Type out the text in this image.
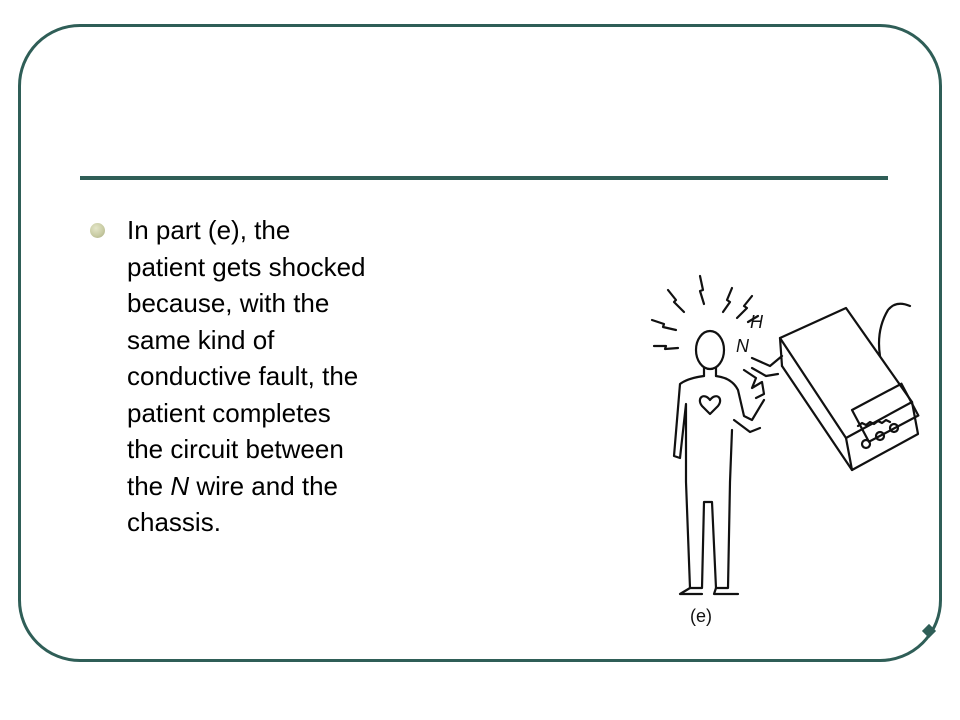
In part (e), the
patient gets shocked
because, with the
same kind of
conductive fault, the
patient completes
the circuit between
the N wire and the
chassis.
H
N
(e)
